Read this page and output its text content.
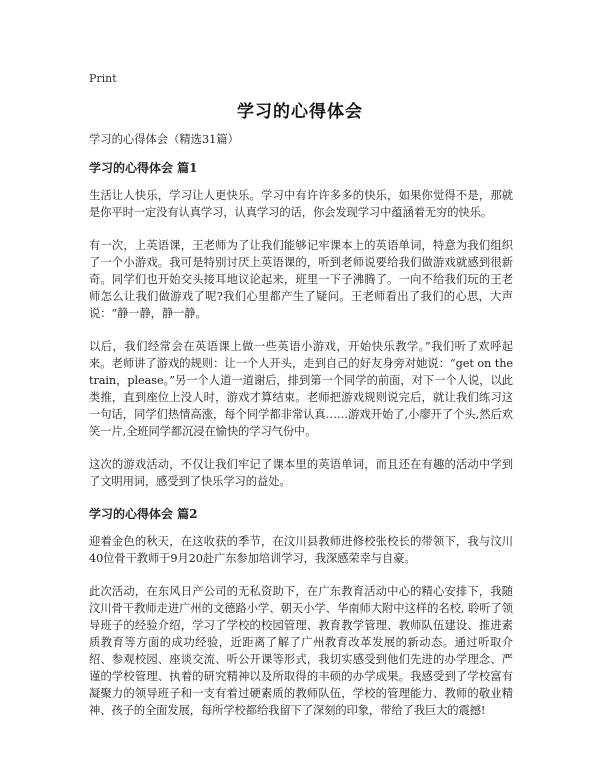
Print
学习的心得体会

学习的心得体会（精选31篇）

学习的心得体会 篇1

生活让人快乐，学习让人更快乐。学习中有许许多多的快乐，如果你觉得不是，那就是你平时一定没有认真学习，认真学习的话，你会发现学习中蕴涵着无穷的快乐。

有一次，上英语课，王老师为了让我们能够记牢课本上的英语单词，特意为我们组织了一个小游戏。我可是特别讨厌上英语课的，听到老师说要给我们做游戏就感到很新奇。同学们也开始交头接耳地议论起来，班里一下子沸腾了。一向不给我们玩的王老师怎么让我们做游戏了呢?我们心里都产生了疑问。王老师看出了我们的心思，大声说：“静一静，静一静。

以后，我们经常会在英语课上做一些英语小游戏，开始快乐教学。”我们听了欢呼起来。老师讲了游戏的规则：让一个人开头，走到自己的好友身旁对她说：“get on the train，please。”另一个人道一道谢后，排到第一个同学的前面，对下一个人说，以此类推，直到座位上没人时，游戏才算结束。老师把游戏规则说完后，就让我们练习这一句话，同学们热情高涨，每个同学都非常认真……游戏开始了,小廖开了个头,然后欢笑一片,全班同学都沉浸在愉快的学习气份中。

这次的游戏活动，不仅让我们牢记了课本里的英语单词，而且还在有趣的活动中学到了文明用词，感受到了快乐学习的益处。

学习的心得体会 篇2

迎着金色的秋天，在这收获的季节，在汶川县教师进修校张校长的带领下，我与汶川40位骨干教师于9月20赴广东参加培训学习，我深感荣幸与自豪。

此次活动，在东风日产公司的无私资助下，在广东教育活动中心的精心安排下，我随汶川骨干教师走进广州的文德路小学、朝天小学、华南师大附中这样的名校, 聆听了领导班子的经验介绍，学习了学校的校园管理、教育教学管理、教师队伍建设、推进素质教育等方面的成功经验，近距离了解了广州教育改革发展的新动态。通过听取介绍、参观校园、座谈交流、听公开课等形式，我切实感受到他们先进的办学理念、严谨的学校管理、执着的研究精神以及所取得的丰硕的办学成果。我感受到了学校富有凝聚力的领导班子和一支有着过硬素质的教师队伍，学校的管理能力、教师的敬业精神、孩子的全面发展，每所学校都给我留下了深刻的印象，带给了我巨大的震撼!
